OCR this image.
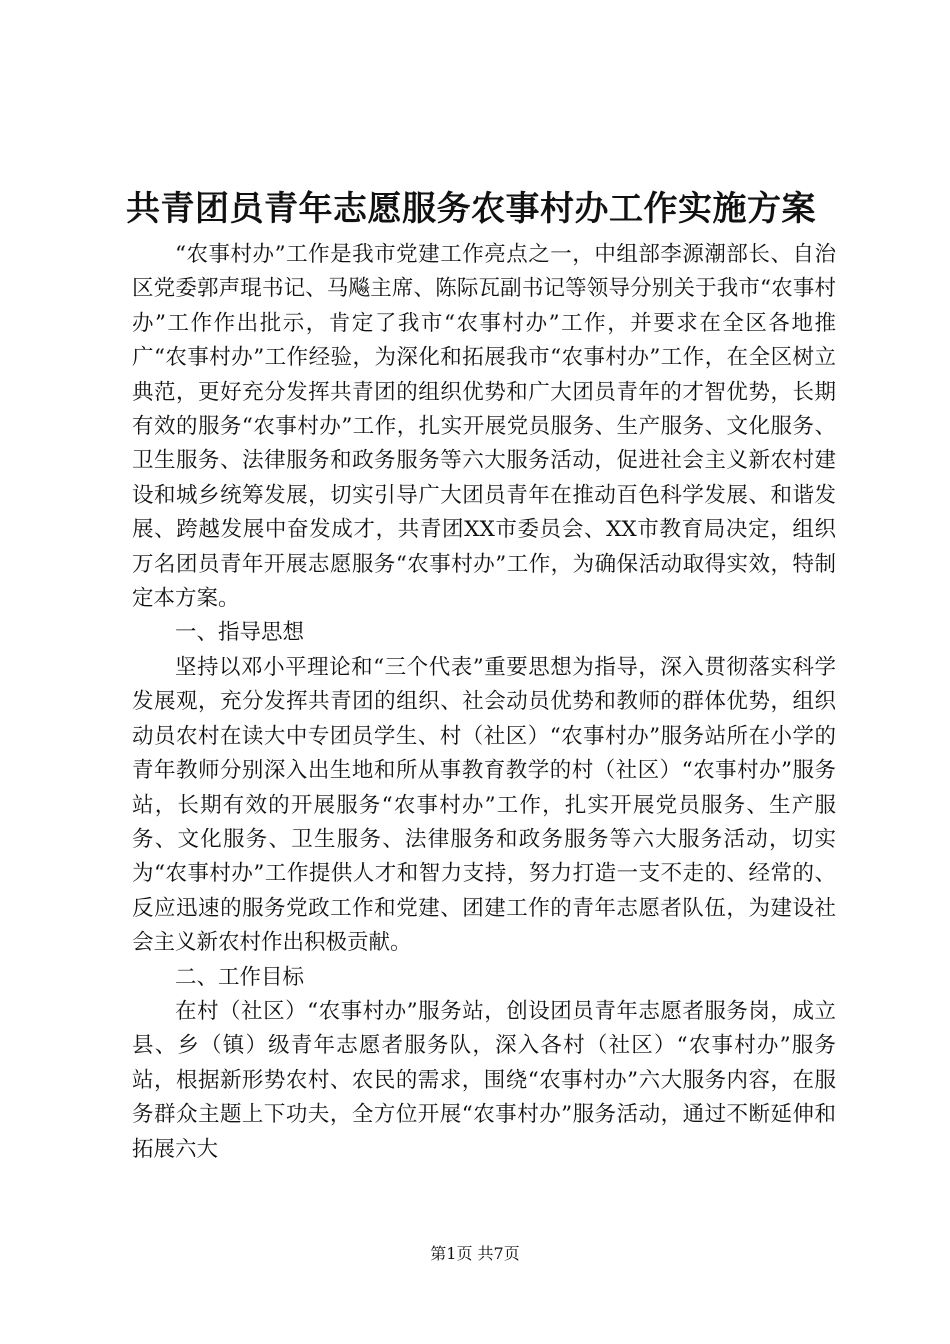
共青团员青年志愿服务农事村办工作实施方案

“农事村办”工作是我市党建工作亮点之一，中组部李源潮部长、自治区党委郭声琨书记、马飚主席、陈际瓦副书记等领导分别关于我市“农事村办”工作作出批示，肯定了我市“农事村办”工作，并要求在全区各地推广“农事村办”工作经验，为深化和拓展我市“农事村办”工作，在全区树立典范，更好充分发挥共青团的组织优势和广大团员青年的才智优势，长期有效的服务“农事村办”工作，扎实开展党员服务、生产服务、文化服务、卫生服务、法律服务和政务服务等六大服务活动，促进社会主义新农村建设和城乡统筹发展，切实引导广大团员青年在推动百色科学发展、和谐发展、跨越发展中奋发成才，共青团XX市委员会、XX市教育局决定，组织万名团员青年开展志愿服务“农事村办”工作，为确保活动取得实效，特制定本方案。

一、指导思想

坚持以邓小平理论和“三个代表”重要思想为指导，深入贯彻落实科学发展观，充分发挥共青团的组织、社会动员优势和教师的群体优势，组织动员农村在读大中专团员学生、村（社区）“农事村办”服务站所在小学的青年教师分别深入出生地和所从事教育教学的村（社区）“农事村办”服务站，长期有效的开展服务“农事村办”工作，扎实开展党员服务、生产服务、文化服务、卫生服务、法律服务和政务服务等六大服务活动，切实为“农事村办”工作提供人才和智力支持，努力打造一支不走的、经常的、反应迅速的服务党政工作和党建、团建工作的青年志愿者队伍，为建设社会主义新农村作出积极贡献。

二、工作目标

在村（社区）“农事村办”服务站，创设团员青年志愿者服务岗，成立县、乡（镇）级青年志愿者服务队，深入各村（社区）“农事村办”服务站，根据新形势农村、农民的需求，围绕“农事村办”六大服务内容，在服务群众主题上下功夫，全方位开展“农事村办”服务活动，通过不断延伸和拓展六大

第1页 共7页
